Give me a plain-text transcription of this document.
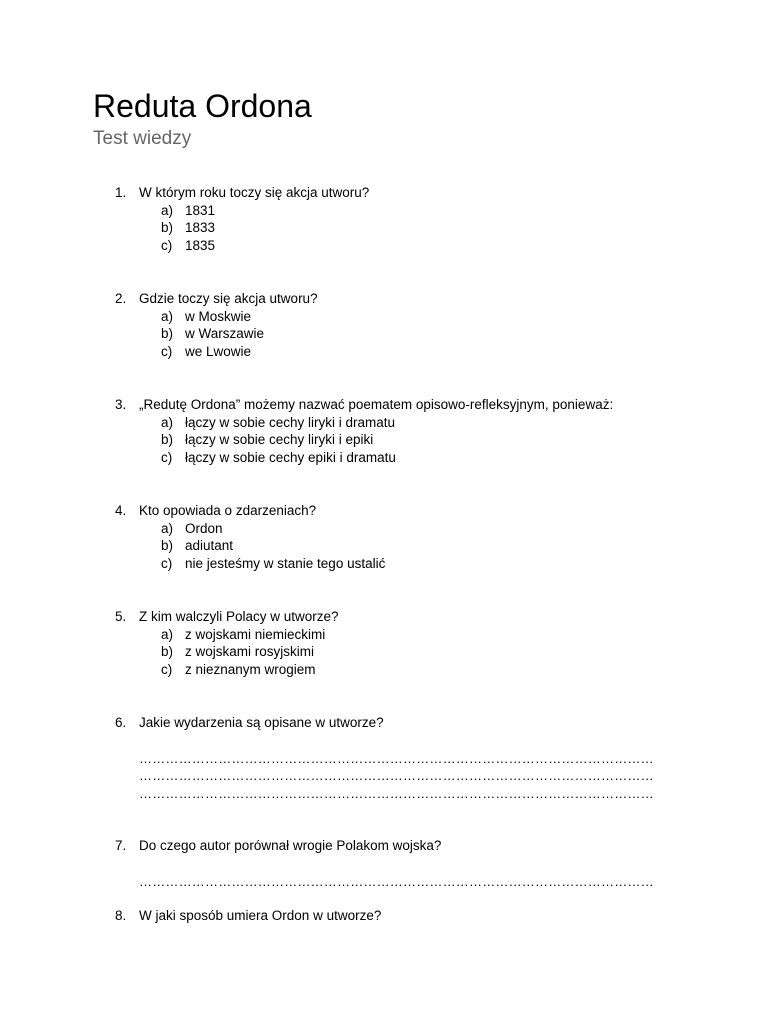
Reduta Ordona
Test wiedzy
1. W którym roku toczy się akcja utworu?
a) 1831
b) 1833
c) 1835
2. Gdzie toczy się akcja utworu?
a) w Moskwie
b) w Warszawie
c) we Lwowie
3. „Redutę Ordona” możemy nazwać poematem opisowo-refleksyjnym, ponieważ:
a) łączy w sobie cechy liryki i dramatu
b) łączy w sobie cechy liryki i epiki
c) łączy w sobie cechy epiki i dramatu
4. Kto opowiada o zdarzeniach?
a) Ordon
b) adiutant
c) nie jesteśmy w stanie tego ustalić
5. Z kim walczyli Polacy w utworze?
a) z wojskami niemieckimi
b) z wojskami rosyjskimi
c) z nieznanym wrogiem
6. Jakie wydarzenia są opisane w utworze?
………………………………………………………………………………………………………
………………………………………………………………………………………………………
………………………………………………………………………………………………………
7. Do czego autor porównał wrogie Polakom wojska?
………………………………………………………………………………………………………
8. W jaki sposób umiera Ordon w utworze?
